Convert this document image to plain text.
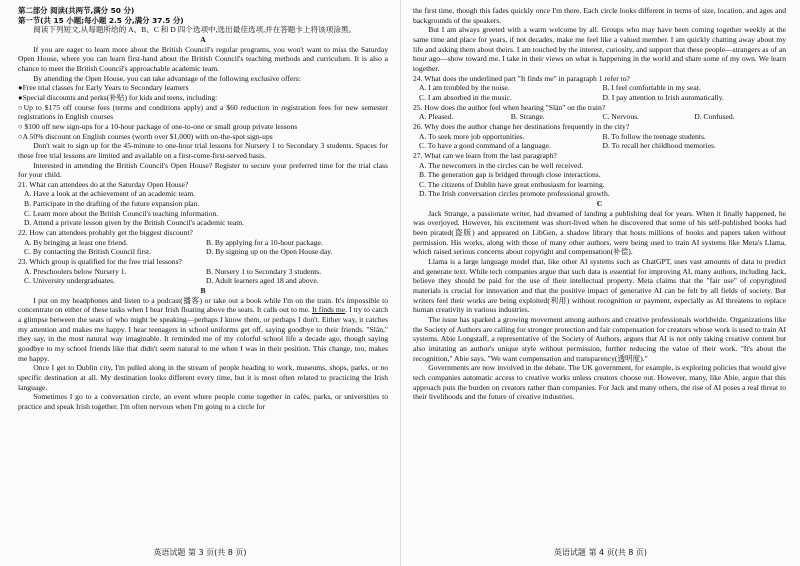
第二部分 阅读(共两节,满分 50 分)

第一节(共 15 小题;每小题 2.5 分,满分 37.5 分)

阅读下列短文,从每题所给的 A、B、C 和 D 四个选项中,选出最佳选项,并在答题卡上将该项涂黑。

A

If you are eager to learn more about the British Council's regular programs, you won't want to miss the Saturday Open House, where you can learn first-hand about the British Council's teaching methods and curriculum. It is also a chance to meet the British Council's approachable academic team.

By attending the Open House, you can take advantage of the following exclusive offers:

●Free trial classes for Early Years to Secondary learners

●Special discounts and perks(补贴) for kids and teens, including:

○Up to $175 off course fees (terms and conditions apply) and a $60 reduction in registration fees for new semester registrations in English courses

○ $100 off new sign-ups for a 10-hour package of one-to-one or small group private lessons

○A 50% discount on English courses (worth over $1,000) with on-the-spot sign-ups

Don't wait to sign up for the 45-minute to one-hour trial lessons for Nursery 1 to Secondary 3 students. Spaces for these free trial lessons are limited and available on a first-come-first-served basis.

Interested in attending the British Council's Open House? Register to secure your preferred time for the trial class for your child.

21. What can attendees do at the Saturday Open House?

A. Have a look at the achievement of an academic team.

B. Participate in the drafting of the future expansion plan.

C. Learn more about the British Council's teaching information.

D. Attend a private lesson given by the British Council's academic team.

22. How can attendees probably get the biggest discount?

A. By bringing at least one friend.	B. By applying for a 10-hour package.
C. By contacting the British Council first.	D. By signing up on the Open House day.

23. Which group is qualified for the free trial lessons?

A. Preschoolers below Nursery 1.	B. Nursery 1 to Secondary 3 students.
C. University undergraduates.	D. Adult learners aged 18 and above.

B

I put on my headphones and listen to a podcast(播客) or take out a book while I'm on the train. It's impossible to concentrate on either of these tasks when I hear Irish floating above the seats. It calls out to me. It finds me. I try to catch a glimpse between the seats of who might be speaking—perhaps I know them, or perhaps I don't. Either way, it catches my attention and makes me happy. I hear teenagers in school uniforms get off, saying goodbye to their friends. "Slán," they say, in the most natural way imaginable. It reminded me of my colorful school life a decade ago, though saying goodbye to my school friends like that didn't seem natural to me when I was in their position. This change, too, makes me happy.

Once I get to Dublin city, I'm pulled along in the stream of people heading to work, museums, shops, parks, or no specific destination at all. My destination looks different every time, but it is most often related to practicing the Irish language.

Sometimes I go to a conversation circle, an event where people come together in cafés, parks, or universities to practice and speak Irish together. I'm often nervous when I'm going to a circle for

英语试题 第 3 页(共 8 页)

the first time, though this fades quickly once I'm there. Each circle looks different in terms of size, location, and ages and backgrounds of the speakers.

But I am always greeted with a warm welcome by all. Groups who may have been coming together weekly at the same time and place for years, if not decades, make me feel like a valued member. I am quickly chatting away about my life and asking them about theirs. I am touched by the interest, curiosity, and support that these people—strangers as of an hour ago—show toward me. I take in their views on what is happening in the world and share some of my own. We learn together.

24. What does the underlined part "It finds me" in paragraph 1 refer to?

A. I am troubled by the noise.	B. I feel comfortable in my seat.
C. I am absorbed in the music.	D. I pay attention to Irish automatically.

25. How does the author feel when hearing "Slán" on the train?

A. Pleased.	B. Strange.	C. Nervous.	D. Confused.

26. Why does the author change her destinations frequently in the city?

A. To seek more job opportunities.	B. To follow the teenage students.
C. To have a good command of a language.	D. To recall her childhood memories.

27. What can we learn from the last paragraph?

A. The newcomers in the circles can be well received.

B. The generation gap is bridged through close interactions.

C. The citizens of Dublin have great enthusiasm for learning.

D. The Irish conversation circles promote professional growth.

C

Jack Strange, a passionate writer, had dreamed of landing a publishing deal for years. When it finally happened, he was overjoyed. However, his excitement was short-lived when he discovered that some of his self-published books had been pirated(盗版) and appeared on LibGen, a shadow library that hosts millions of books and papers taken without permission. His works, along with those of many other authors, were being used to train AI systems like Meta's Llama, which raised serious concerns about copyright and compensation(补偿).

Llama is a large language model that, like other AI systems such as ChatGPT, uses vast amounts of data to predict and generate text. While tech companies argue that such data is essential for improving AI, many authors, including Jack, believe they should be paid for the use of their intellectual property. Meta claims that the "fair use" of copyrighted materials is crucial for innovation and that the positive impact of generative AI can be felt by all fields of society. But writers feel their works are being exploited(利用) without recognition or payment, especially as AI threatens to replace human creativity in various industries.

The issue has sparked a growing movement among authors and creative professionals worldwide. Organizations like the Society of Authors are calling for stronger protection and fair compensation for creators whose work is used to train AI systems. Abie Longstaff, a representative of the Society of Authors, argues that AI is not only taking creative content but also imitating an author's unique style without permission, further reducing the value of their work. "It's about the recognition," Abie says. "We want compensation and transparency(透明度)."

Governments are now involved in the debate. The UK government, for example, is exploring policies that would give tech companies automatic access to creative works unless creators choose out. However, many, like Abie, argue that this approach puts the burden on creators rather than companies. For Jack and many others, the rise of AI poses a real threat to their livelihoods and the future of creative industries.

英语试题 第 4 页(共 8 页)
